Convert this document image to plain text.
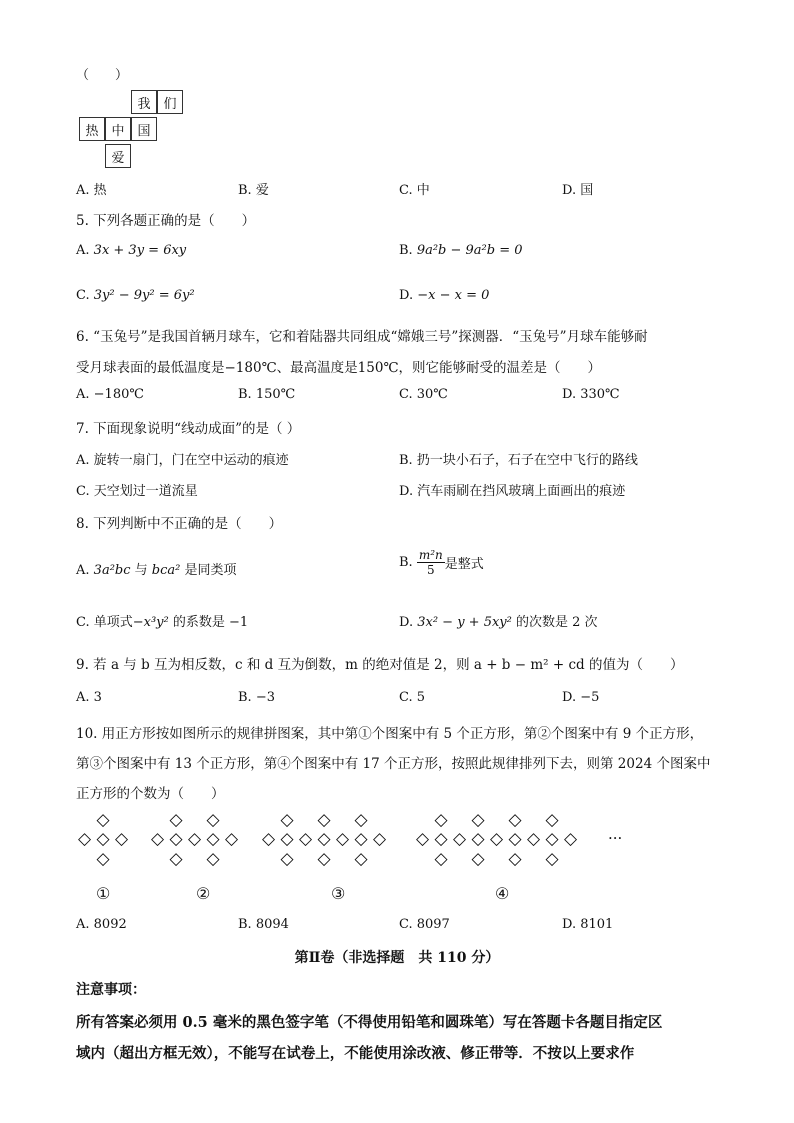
（　　）
我 们
热 中 国
爱
A. 热	B. 爱	C. 中	D. 国
5. 下列各题正确的是（　　）
A. 3x + 3y = 6xy	B. 9a²b − 9a²b = 0
C. 3y² − 9y² = 6y²	D. −x − x = 0
6. “玉兔号”是我国首辆月球车，它和着陆器共同组成“嫦娥三号”探测器．“玉兔号”月球车能够耐
受月球表面的最低温度是−180℃、最高温度是150℃，则它能够耐受的温差是（　　）
A. −180℃	B. 150℃	C. 30℃	D. 330℃
7. 下面现象说明“线动成面”的是（ ）
A. 旋转一扇门，门在空中运动的痕迹	B. 扔一块小石子，石子在空中飞行的路线
C. 天空划过一道流星	D. 汽车雨刷在挡风玻璃上面画出的痕迹
8. 下列判断中不正确的是（　　）
A. 3a²bc 与 bca² 是同类项
B. $\frac{\text{m²n}}{5}$ 是整式
C. 单项式−x³y² 的系数是 −1	D. 3x² − y + 5xy² 的次数是 2 次
9. 若 a 与 b 互为相反数，c 和 d 互为倒数，m 的绝对值是 2，则 a + b − m² + cd 的值为（　　）
A. 3	B. −3	C. 5	D. −5
10. 用正方形按如图所示的规律拼图案，其中第①个图案中有 5 个正方形，第②个图案中有 9 个正方形，
第③个图案中有 13 个正方形，第④个图案中有 17 个正方形，按照此规律排列下去，则第 2024 个图案中
正方形的个数为（　　）
◇ ◇
◇
◇
◇ ◇ ◇
◇
◇
◇ ◇
◇
◇
◇ ◇ ◇
◇
◇
◇ ◇
◇
◇
◇ ◇
◇
◇
◇ ◇ ◇
◇
◇
◇ ◇
◇
◇
◇ ◇
◇
◇
◇ ◇
◇
◇
◇ ···
①	②	③	④
A. 8092	B. 8094	C. 8097	D. 8101
第Ⅱ卷（非选择题　共 110 分）
注意事项：
所有答案必须用 0.5 毫米的黑色签字笔（不得使用铅笔和圆珠笔）写在答题卡各题目指定区
域内（超出方框无效），不能写在试卷上，不能使用涂改液、修正带等．不按以上要求作
